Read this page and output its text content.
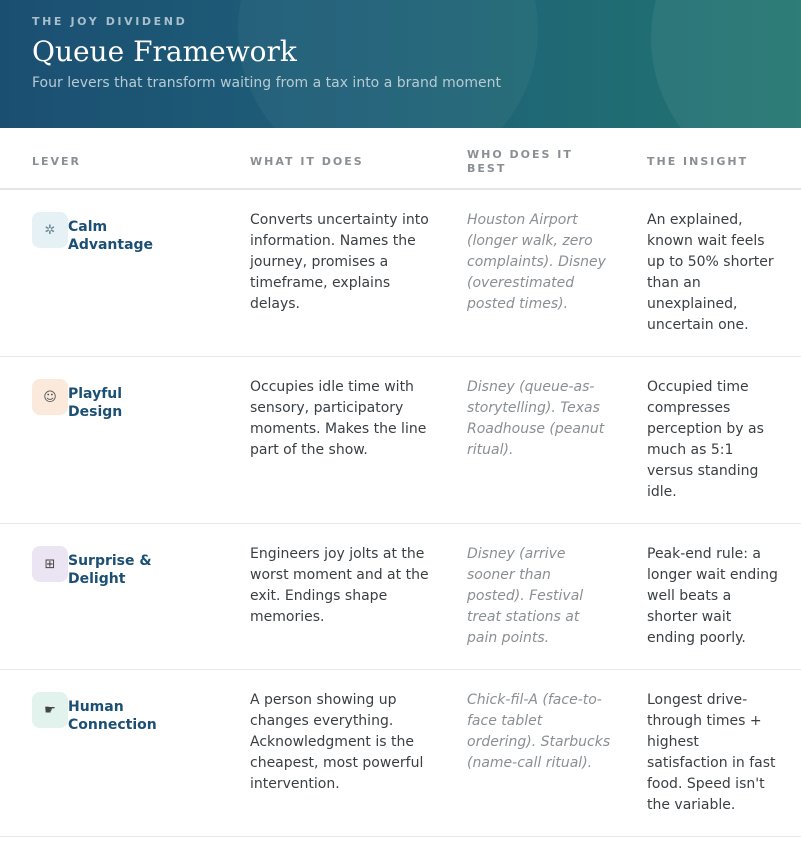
THE JOY DIVIDEND
Queue Framework
Four levers that transform waiting from a tax into a brand moment
LEVER	WHAT IT DOES
WHO DOES IT BEST
THE INSIGHT
✲ Calm Advantage
Converts uncertainty into information. Names the journey, promises a timeframe, explains delays.
Houston Airport (longer walk, zero complaints). Disney (overestimated posted times).
An explained, known wait feels up to 50% shorter than an unexplained, uncertain one.
☺ Playful Design
Occupies idle time with sensory, participatory moments. Makes the line part of the show.
Disney (queue-as-storytelling). Texas Roadhouse (peanut ritual).
Occupied time compresses perception by as much as 5:1 versus standing idle.
⊞ Surprise & Delight
Engineers joy jolts at the worst moment and at the exit. Endings shape memories.
Disney (arrive sooner than posted). Festival treat stations at pain points.
Peak-end rule: a longer wait ending well beats a shorter wait ending poorly.
☛ Human Connection
A person showing up changes everything. Acknowledgment is the cheapest, most powerful intervention.
Chick-fil-A (face-to-face tablet ordering). Starbucks (name-call ritual).
Longest drive-through times + highest satisfaction in fast food. Speed isn't the variable.
